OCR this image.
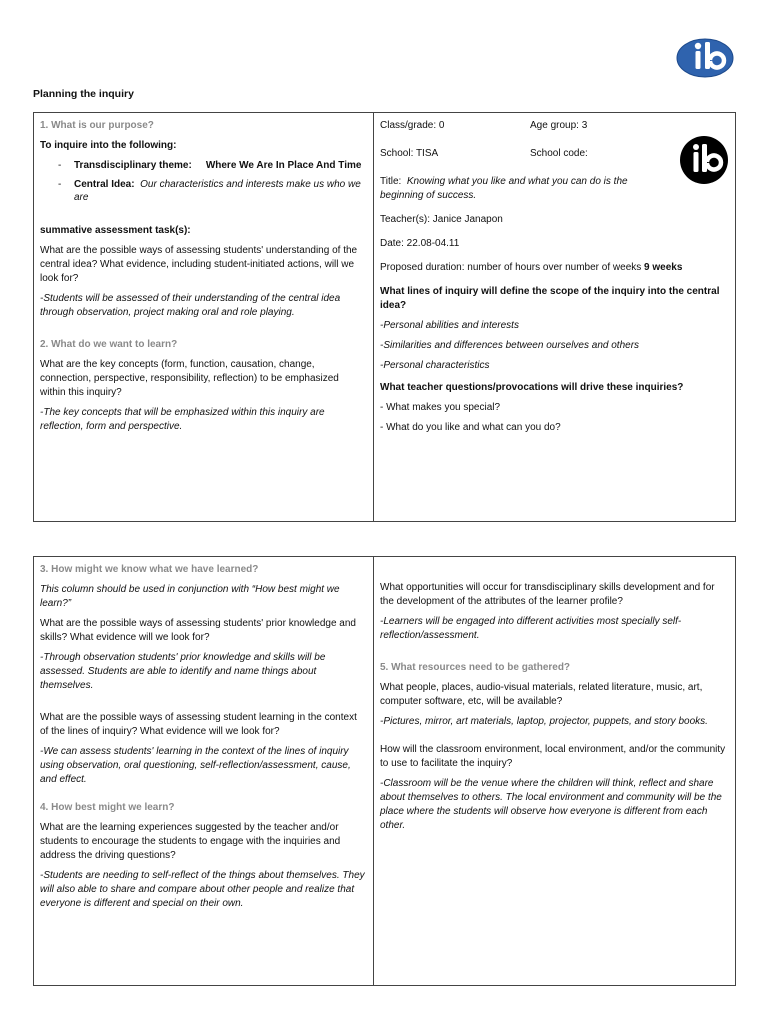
Planning the inquiry

1. What is our purpose?

To inquire into the following:

-	Transdisciplinary theme: Where We Are In Place And Time
-	Central Idea: Our characteristics and interests make us who we are

summative assessment task(s):

What are the possible ways of assessing students' understanding of the central idea? What evidence, including student-initiated actions, will we look for?

-Students will be assessed of their understanding of the central idea through observation, project making oral and role playing.

2. What do we want to learn?

What are the key concepts (form, function, causation, change, connection, perspective, responsibility, reflection) to be emphasized within this inquiry?

-The key concepts that will be emphasized within this inquiry are reflection, form and perspective.

Class/grade: 0	Age group: 3
School: TISA	School code:

Title: Knowing what you like and what you can do is the beginning of success.

Teacher(s): Janice Janapon

Date: 22.08-04.11

Proposed duration: number of hours over number of weeks 9 weeks

What lines of inquiry will define the scope of the inquiry into the central idea?

-Personal abilities and interests

-Similarities and differences between ourselves and others

-Personal characteristics

What teacher questions/provocations will drive these inquiries?

- What makes you special?

- What do you like and what can you do?

3. How might we know what we have learned?

This column should be used in conjunction with “How best might we learn?”

What are the possible ways of assessing students' prior knowledge and skills? What evidence will we look for?

-Through observation students' prior knowledge and skills will be assessed. Students are able to identify and name things about themselves.

What are the possible ways of assessing student learning in the context of the lines of inquiry? What evidence will we look for?

-We can assess students' learning in the context of the lines of inquiry using observation, oral questioning, self-reflection/assessment, cause, and effect.

4. How best might we learn?

What are the learning experiences suggested by the teacher and/or students to encourage the students to engage with the inquiries and address the driving questions?

-Students are needing to self-reflect of the things about themselves. They will also able to share and compare about other people and realize that everyone is different and special on their own.

What opportunities will occur for transdisciplinary skills development and for the development of the attributes of the learner profile?

-Learners will be engaged into different activities most specially self-reflection/assessment.

5. What resources need to be gathered?

What people, places, audio-visual materials, related literature, music, art, computer software, etc, will be available?

-Pictures, mirror, art materials, laptop, projector, puppets, and story books.

How will the classroom environment, local environment, and/or the community to use to facilitate the inquiry?

-Classroom will be the venue where the children will think, reflect and share about themselves to others. The local environment and community will be the place where the students will observe how everyone is different from each other.
